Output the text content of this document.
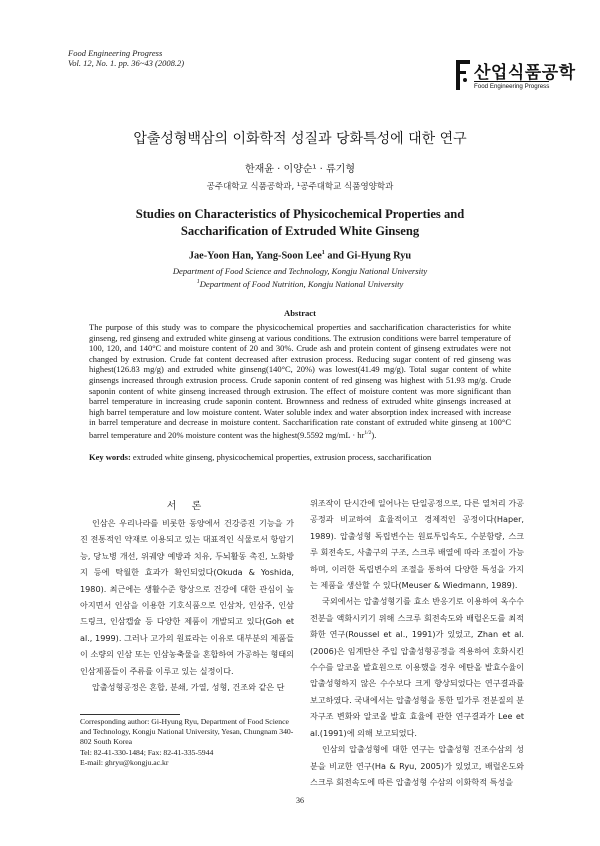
Food Engineering Progress
Vol. 12, No. 1. pp. 36~43 (2008.2)	산업식품공학
Food Engineering Progress
압출성형백삼의 이화학적 성질과 당화특성에 대한 연구
한재윤 · 이양순¹ · 류기형
공주대학교 식품공학과, ¹공주대학교 식품영양학과
Studies on Characteristics of Physicochemical Properties and
Saccharification of Extruded White Ginseng
Jae-Yoon Han, Yang-Soon Lee$^1$ and Gi-Hyung Ryu
Department of Food Science and Technology, Kongju National University
$^1$Department of Food Nutrition, Kongju National University
Abstract
The purpose of this study was to compare the physicochemical properties and saccharification characteristics for white ginseng, red ginseng and extruded white ginseng at various conditions. The extrusion conditions were barrel temperature of 100, 120, and 140°C and moisture content of 20 and 30%. Crude ash and protein content of ginseng extrudates were not changed by extrusion. Crude fat content decreased after extrusion process. Reducing sugar content of red ginseng was highest(126.83 mg/g) and extruded white ginseng(140°C, 20%) was lowest(41.49 mg/g). Total sugar content of white ginsengs increased through extrusion process. Crude saponin content of red ginseng was highest with 51.93 mg/g. Crude saponin content of white ginseng increased through extrusion. The effect of moisture content was more significant than barrel temperature in increasing crude saponin content. Brownness and redness of extruded white ginsengs increased at high barrel temperature and low moisture content. Water soluble index and water absorption index increased with increase in barrel temperature and decrease in moisture content. Saccharification rate constant of extruded white ginseng at 100°C barrel temperature and 20% moisture content was the highest(9.5592 $mg/mL \cdot hr^{1/2}$).
Key words: extruded white ginseng, physicochemical properties, extrusion process, saccharification
서 론

인삼은 우리나라를 비롯한 동양에서 건강증진 기능을 가진 전통적인 약재로 이용되고 있는 대표적인 식물로서 항암기능, 당뇨병 개선, 위궤양 예방과 치유, 두뇌활동 촉진, 노화방지 등에 탁월한 효과가 확인되었다(Okuda & Yoshida, 1980). 최근에는 생활수준 향상으로 건강에 대한 관심이 높아지면서 인삼을 이용한 기호식품으로 인삼차, 인삼주, 인삼 드링크, 인삼캡슐 등 다양한 제품이 개발되고 있다(Goh et al., 1999). 그러나 고가의 원료라는 이유로 대부분의 제품들이 소량의 인삼 또는 인삼농축물을 혼합하여 가공하는 형태의 인삼제품들이 주류를 이루고 있는 실정이다.

압출성형공정은 혼합, 분쇄, 가열, 성형, 건조와 같은 단

위조작이 단시간에 일어나는 단일공정으로, 다른 열처리 가공공정과 비교하여 효율적이고 경제적인 공정이다(Haper, 1989). 압출성형 독립변수는 원료투입속도, 수분함량, 스크루 회전속도, 사출구의 구조, 스크루 배열에 따라 조절이 가능하며, 이러한 독립변수의 조절을 통하여 다양한 특성을 가지는 제품을 생산할 수 있다(Meuser & Wiedmann, 1989).

국외에서는 압출성형기를 효소 반응기로 이용하여 옥수수전분을 액화시키기 위해 스크루 회전속도와 배럴온도를 최적화한 연구(Roussel et al., 1991)가 있었고, Zhan et al.(2006)은 임계탄산 주입 압출성형공정을 적용하여 호화시킨 수수를 알코올 발효원으로 이용했을 경우 에탄올 발효수율이 압출성형하지 않은 수수보다 크게 향상되었다는 연구결과를 보고하였다. 국내에서는 압출성형을 통한 밀가루 전분질의 분자구조 변화와 알코올 발효 효율에 관한 연구결과가 Lee et al.(1991)에 의해 보고되었다.

인삼의 압출성형에 대한 연구는 압출성형 건조수삼의 성분을 비교한 연구(Ha & Ryu, 2005)가 있었고, 배럴온도와 스크루 회전속도에 따른 압출성형 수삼의 이화학적 특성을

Corresponding author: Gi-Hyung Ryu, Department of Food Science and Technology, Kongju National University, Yesan, Chungnam 340-802 South Korea
Tel: 82-41-330-1484; Fax: 82-41-335-5944
E-mail: ghryu@kongju.ac.kr
36
